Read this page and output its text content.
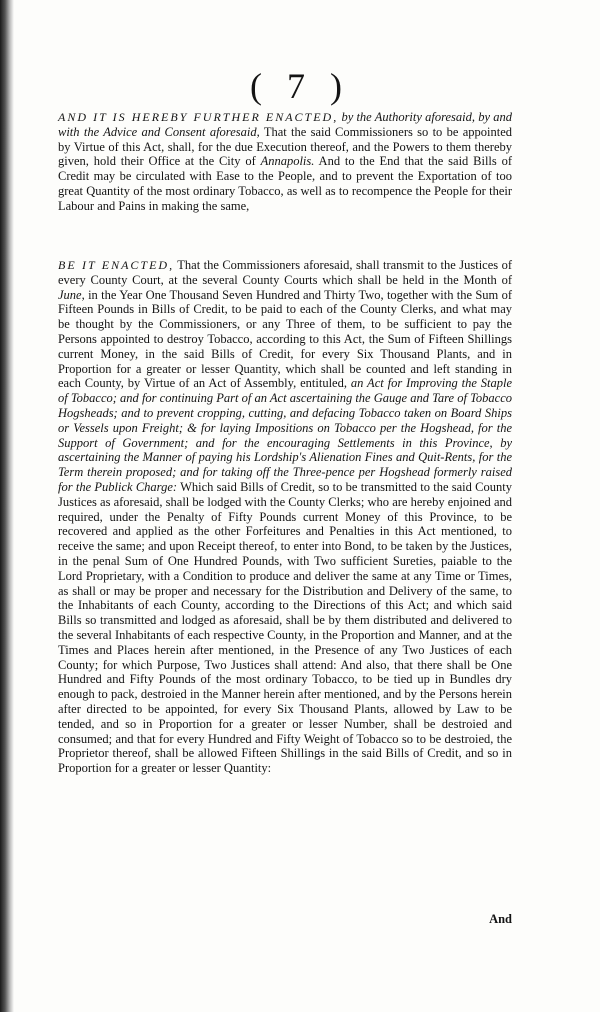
( 7 )

AND IT IS HEREBY FURTHER ENACTED, by the Authority aforesaid, by and with the Advice and Consent aforesaid, That the said Commissioners so to be appointed by Virtue of this Act, shall, for the due Execution thereof, and the Powers to them thereby given, hold their Office at the City of Annapolis. And to the End that the said Bills of Credit may be circulated with Ease to the People, and to prevent the Exportation of too great Quantity of the most ordinary Tobacco, as well as to recompence the People for their Labour and Pains in making the same,

BE IT ENACTED, That the Commissioners aforesaid, shall transmit to the Justices of every County Court, at the several County Courts which shall be held in the Month of June, in the Year One Thousand Seven Hundred and Thirty Two, together with the Sum of Fifteen Pounds in Bills of Credit, to be paid to each of the County Clerks, and what may be thought by the Commissioners, or any Three of them, to be sufficient to pay the Persons appointed to destroy Tobacco, according to this Act, the Sum of Fifteen Shillings current Money, in the said Bills of Credit, for every Six Thousand Plants, and in Proportion for a greater or lesser Quantity, which shall be counted and left standing in each County, by Virtue of an Act of Assembly, entituled, an Act for Improving the Staple of Tobacco; and for continuing Part of an Act ascertaining the Gauge and Tare of Tobacco Hogsheads; and to prevent cropping, cutting, and defacing Tobacco taken on Board Ships or Vessels upon Freight; & for laying Impositions on Tobacco per the Hogshead, for the Support of Government; and for the encouraging Settlements in this Province, by ascertaining the Manner of paying his Lordship's Alienation Fines and Quit-Rents, for the Term therein proposed; and for taking off the Three-pence per Hogshead formerly raised for the Publick Charge: Which said Bills of Credit, so to be transmitted to the said County Justices as aforesaid, shall be lodged with the County Clerks; who are hereby enjoined and required, under the Penalty of Fifty Pounds current Money of this Province, to be recovered and applied as the other Forfeitures and Penalties in this Act mentioned, to receive the same; and upon Receipt thereof, to enter into Bond, to be taken by the Justices, in the penal Sum of One Hundred Pounds, with Two sufficient Sureties, paiable to the Lord Proprietary, with a Condition to produce and deliver the same at any Time or Times, as shall or may be proper and necessary for the Distribution and Delivery of the same, to the Inhabitants of each County, according to the Directions of this Act; and which said Bills so transmitted and lodged as aforesaid, shall be by them distributed and delivered to the several Inhabitants of each respective County, in the Proportion and Manner, and at the Times and Places herein after mentioned, in the Presence of any Two Justices of each County; for which Purpose, Two Justices shall attend: And also, that there shall be One Hundred and Fifty Pounds of the most ordinary Tobacco, to be tied up in Bundles dry enough to pack, destroied in the Manner herein after mentioned, and by the Persons herein after directed to be appointed, for every Six Thousand Plants, allowed by Law to be tended, and so in Proportion for a greater or lesser Number, shall be destroied and consumed; and that for every Hundred and Fifty Weight of Tobacco so to be destroied, the Proprietor thereof, shall be allowed Fifteen Shillings in the said Bills of Credit, and so in Proportion for a greater or lesser Quantity:

And
